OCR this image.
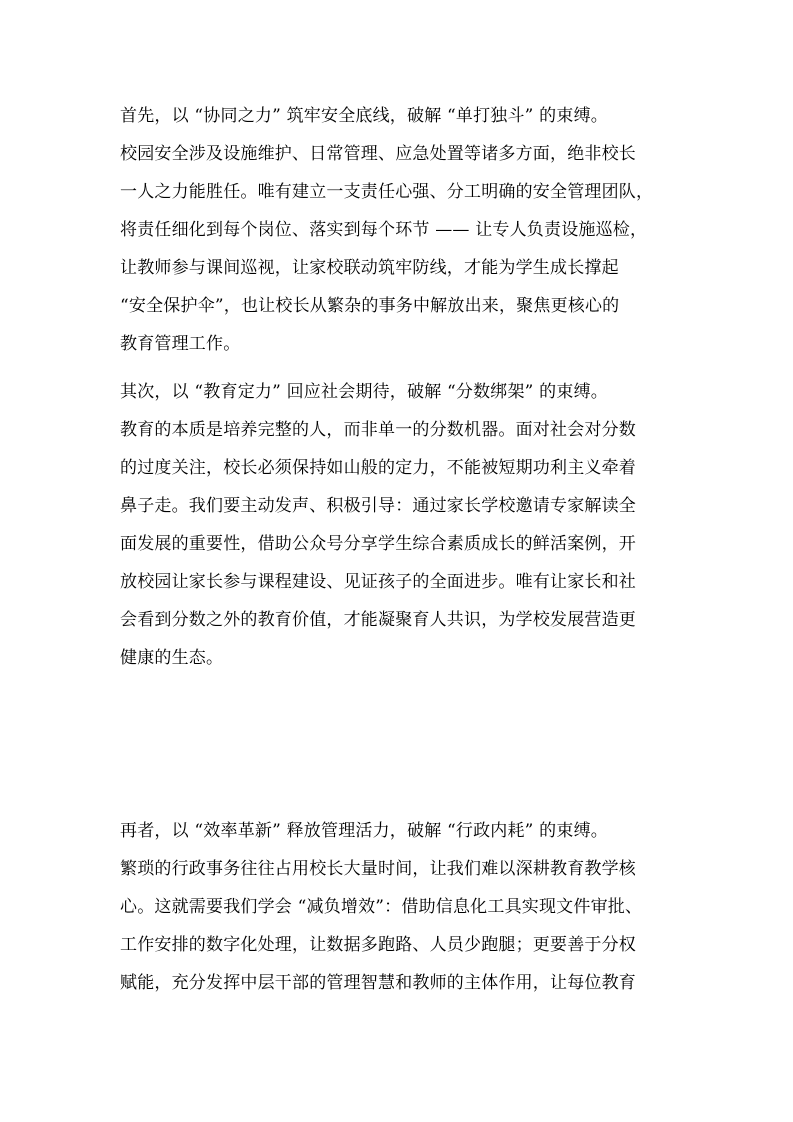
首先，以 “协同之力” 筑牢安全底线，破解 “单打独斗” 的束缚。
校园安全涉及设施维护、日常管理、应急处置等诸多方面，绝非校长
一人之力能胜任。唯有建立一支责任心强、分工明确的安全管理团队，
将责任细化到每个岗位、落实到每个环节 —— 让专人负责设施巡检，
让教师参与课间巡视，让家校联动筑牢防线，才能为学生成长撑起
“安全保护伞”，也让校长从繁杂的事务中解放出来，聚焦更核心的
教育管理工作。
其次，以 “教育定力” 回应社会期待，破解 “分数绑架” 的束缚。
教育的本质是培养完整的人，而非单一的分数机器。面对社会对分数
的过度关注，校长必须保持如山般的定力，不能被短期功利主义牵着
鼻子走。我们要主动发声、积极引导：通过家长学校邀请专家解读全
面发展的重要性，借助公众号分享学生综合素质成长的鲜活案例，开
放校园让家长参与课程建设、见证孩子的全面进步。唯有让家长和社
会看到分数之外的教育价值，才能凝聚育人共识，为学校发展营造更
健康的生态。
再者，以 “效率革新” 释放管理活力，破解 “行政内耗” 的束缚。
繁琐的行政事务往往占用校长大量时间，让我们难以深耕教育教学核
心。这就需要我们学会 “减负增效”：借助信息化工具实现文件审批、
工作安排的数字化处理，让数据多跑路、人员少跑腿；更要善于分权
赋能，充分发挥中层干部的管理智慧和教师的主体作用，让每位教育
